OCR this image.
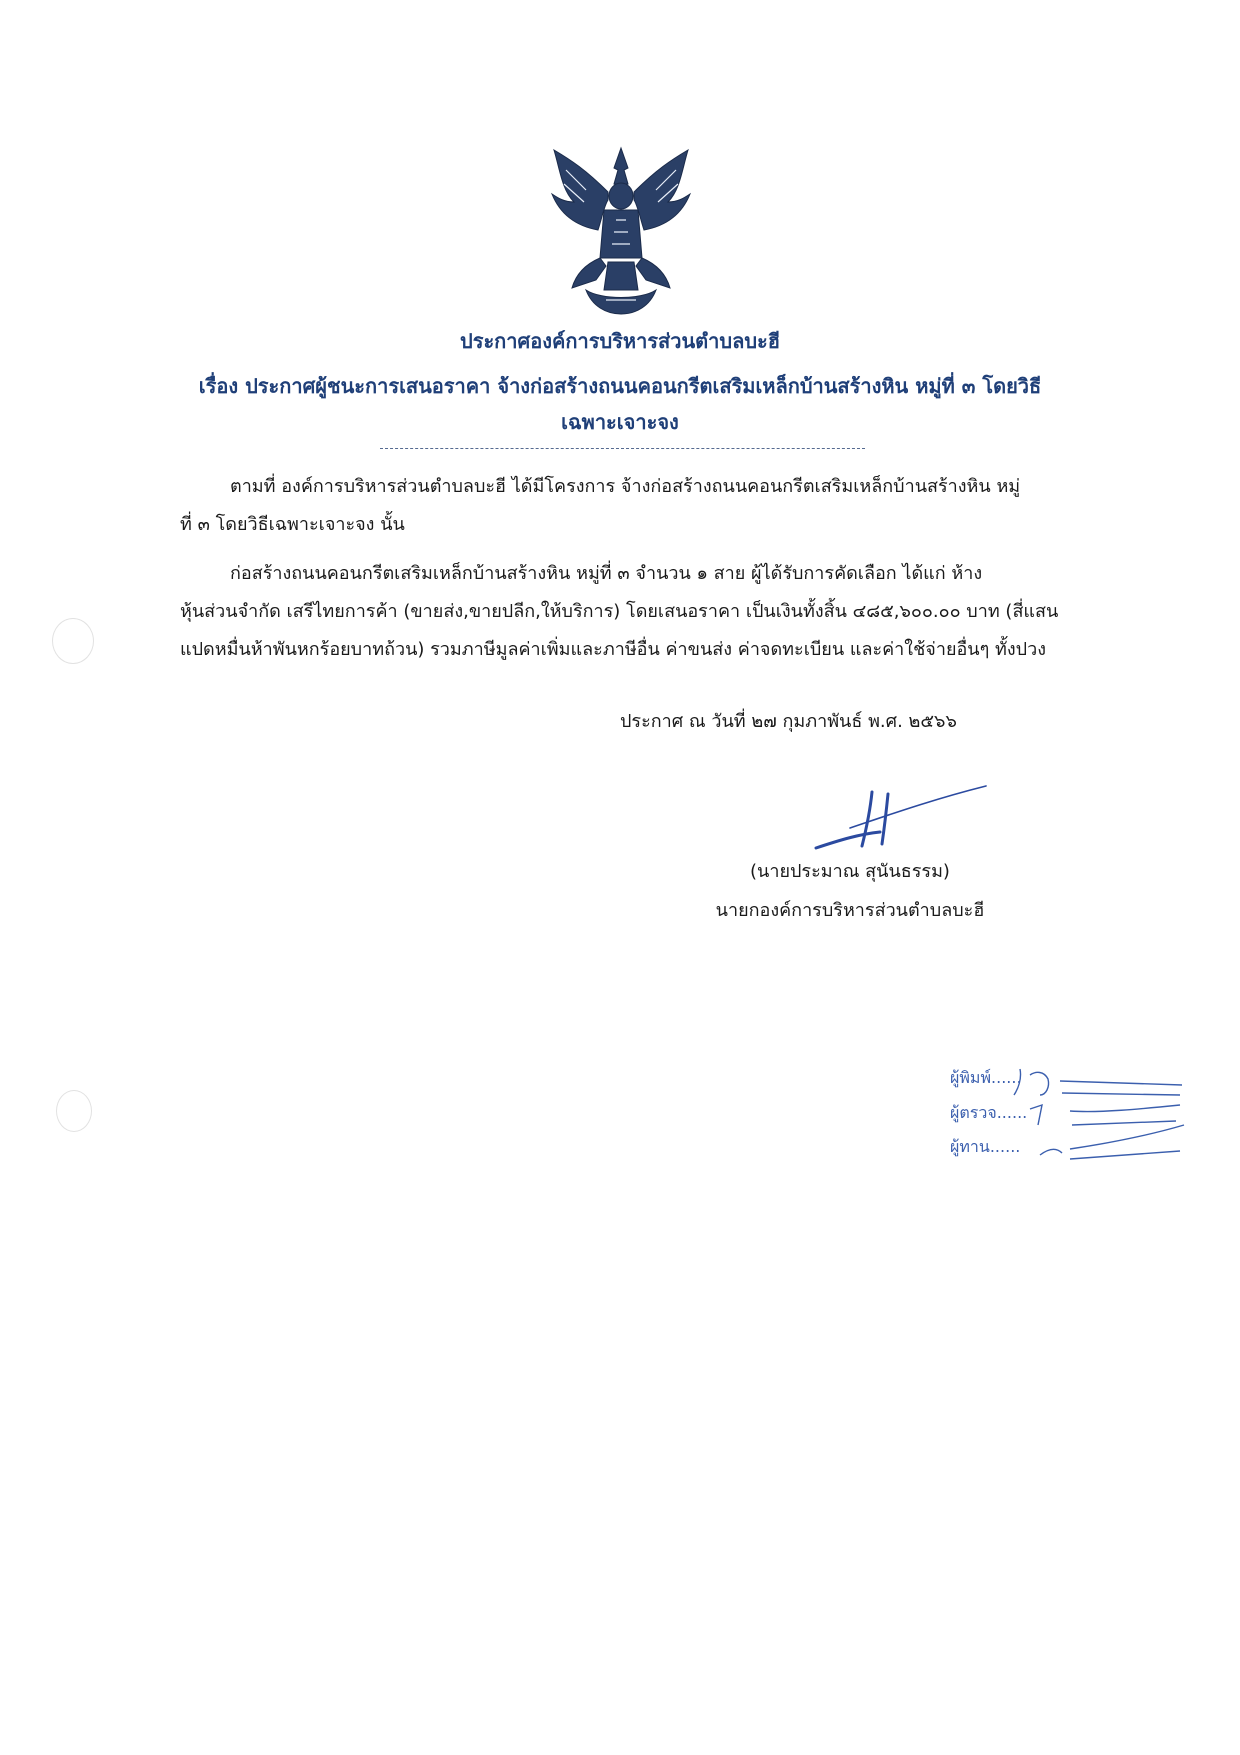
ประกาศองค์การบริหารส่วนตำบลบะฮี
เรื่อง ประกาศผู้ชนะการเสนอราคา จ้างก่อสร้างถนนคอนกรีตเสริมเหล็กบ้านสร้างหิน หมู่ที่ ๓ โดยวิธี
เฉพาะเจาะจง
ตามที่ องค์การบริหารส่วนตำบลบะฮี ได้มีโครงการ จ้างก่อสร้างถนนคอนกรีตเสริมเหล็กบ้านสร้างหิน หมู่
ที่ ๓ โดยวิธีเฉพาะเจาะจง นั้น
ก่อสร้างถนนคอนกรีตเสริมเหล็กบ้านสร้างหิน หมู่ที่ ๓ จำนวน ๑ สาย ผู้ได้รับการคัดเลือก ได้แก่ ห้าง
หุ้นส่วนจำกัด เสรีไทยการค้า (ขายส่ง,ขายปลีก,ให้บริการ) โดยเสนอราคา เป็นเงินทั้งสิ้น ๔๘๕,๖๐๐.๐๐ บาท (สี่แสน
แปดหมื่นห้าพันหกร้อยบาทถ้วน) รวมภาษีมูลค่าเพิ่มและภาษีอื่น ค่าขนส่ง ค่าจดทะเบียน และค่าใช้จ่ายอื่นๆ ทั้งปวง
ประกาศ ณ วันที่ ๒๗ กุมภาพันธ์ พ.ศ. ๒๕๖๖
(นายประมาณ สุนันธรรม)
นายกองค์การบริหารส่วนตำบลบะฮี
ผู้พิมพ์......
ผู้ตรวจ......
ผู้ทาน......
